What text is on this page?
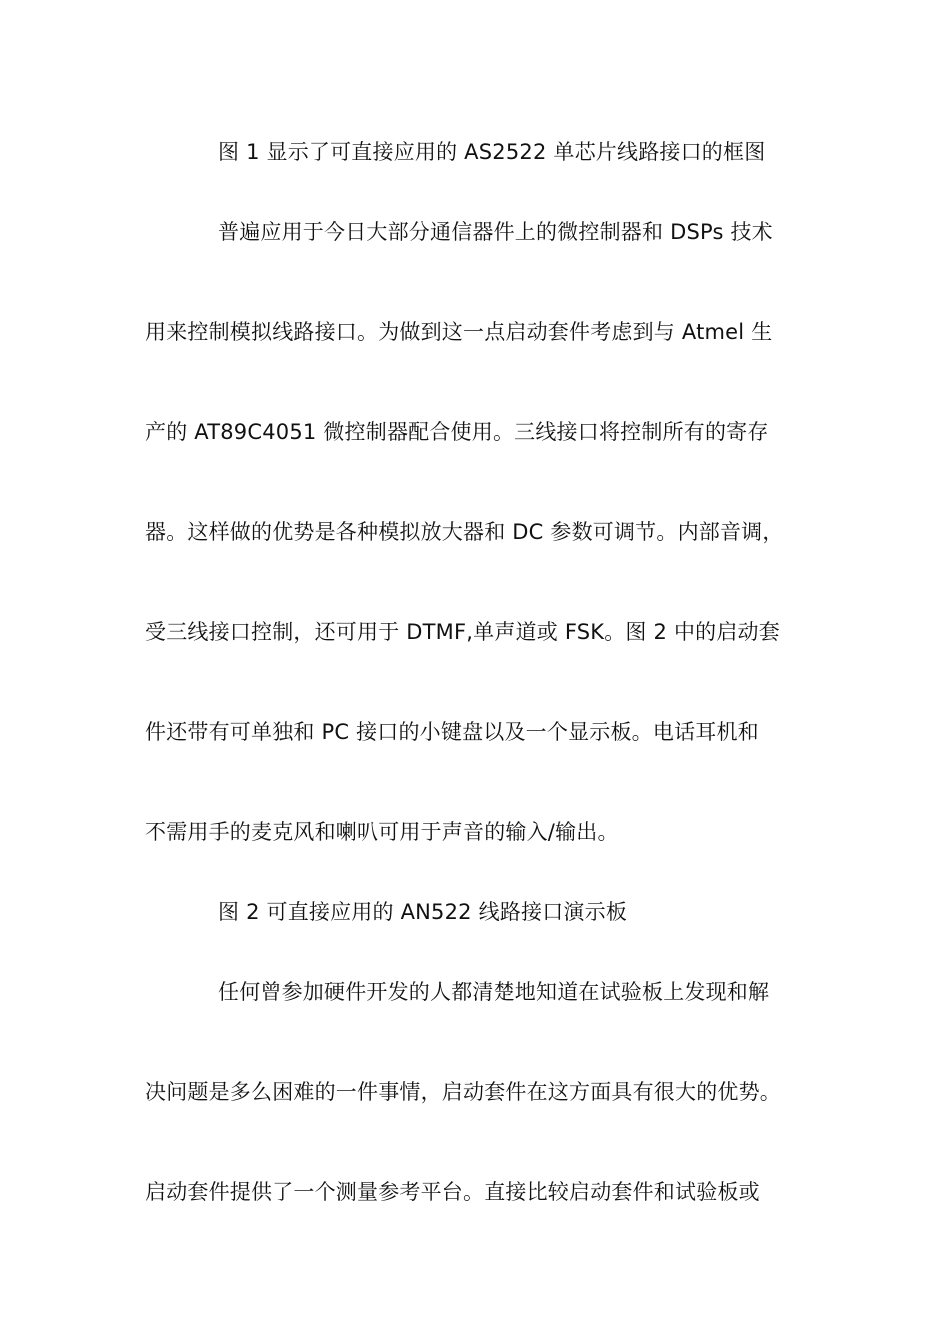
图 1 显示了可直接应用的 AS2522 单芯片线路接口的框图
普遍应用于今日大部分通信器件上的微控制器和 DSPs 技术
用来控制模拟线路接口。为做到这一点启动套件考虑到与 Atmel 生
产的 AT89C4051 微控制器配合使用。三线接口将控制所有的寄存
器。这样做的优势是各种模拟放大器和 DC 参数可调节。内部音调，
受三线接口控制，还可用于 DTMF,单声道或 FSK。图 2 中的启动套
件还带有可单独和 PC 接口的小键盘以及一个显示板。电话耳机和
不需用手的麦克风和喇叭可用于声音的输入/输出。
图 2 可直接应用的 AN522 线路接口演示板
任何曾参加硬件开发的人都清楚地知道在试验板上发现和解
决问题是多么困难的一件事情，启动套件在这方面具有很大的优势。
启动套件提供了一个测量参考平台。直接比较启动套件和试验板或
